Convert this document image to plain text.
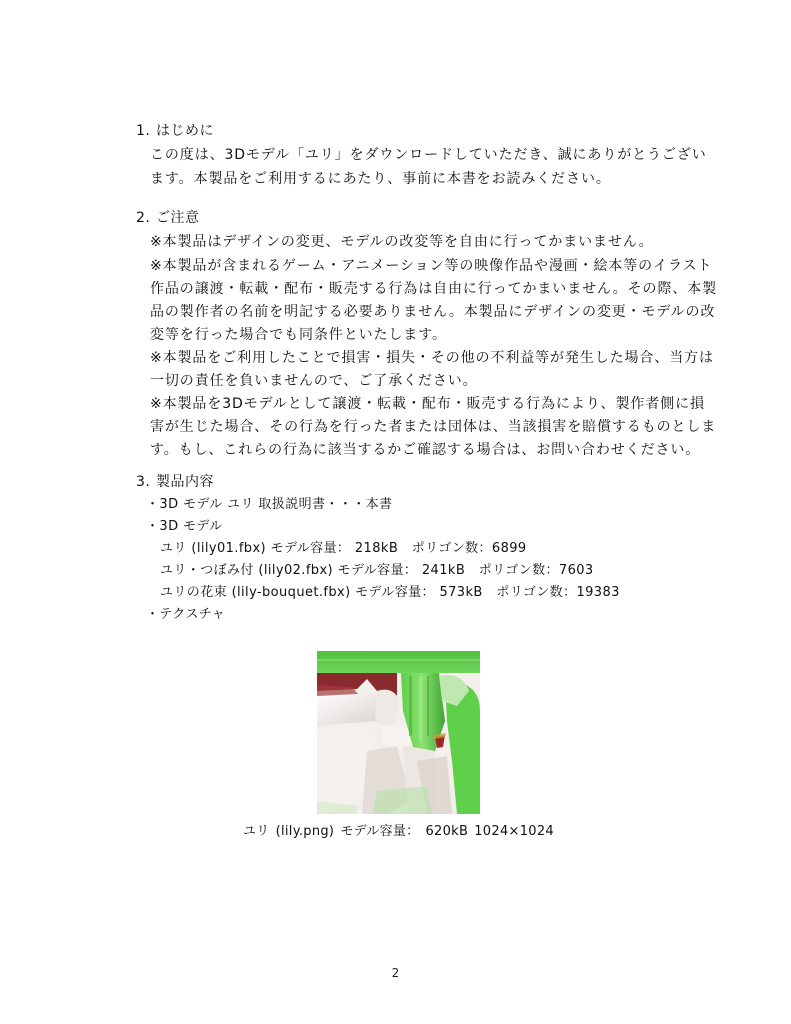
1. はじめに
この度は、3Dモデル「ユリ」をダウンロードしていただき、誠にありがとうござい
ます。本製品をご利用するにあたり、事前に本書をお読みください。
2. ご注意
※本製品はデザインの変更、モデルの改変等を自由に行ってかまいません。
※本製品が含まれるゲーム・アニメーション等の映像作品や漫画・絵本等のイラスト
作品の譲渡・転載・配布・販売する行為は自由に行ってかまいません。その際、本製
品の製作者の名前を明記する必要ありません。本製品にデザインの変更・モデルの改
変等を行った場合でも同条件といたします。
※本製品をご利用したことで損害・損失・その他の不利益等が発生した場合、当方は
一切の責任を負いませんので、ご了承ください。
※本製品を3Dモデルとして譲渡・転載・配布・販売する行為により、製作者側に損
害が生じた場合、その行為を行った者または団体は、当該損害を賠償するものとしま
す。もし、これらの行為に該当するかご確認する場合は、お問い合わせください。
3. 製品内容
・3D モデル ユリ 取扱説明書・・・本書
・3D モデル
ユリ (lily01.fbx) モデル容量： 218kB ポリゴン数：6899
ユリ・つぼみ付 (lily02.fbx) モデル容量： 241kB ポリゴン数：7603
ユリの花束 (lily-bouquet.fbx) モデル容量： 573kB ポリゴン数：19383
・テクスチャ
ユリ (lily.png) モデル容量： 620kB 1024×1024
2
